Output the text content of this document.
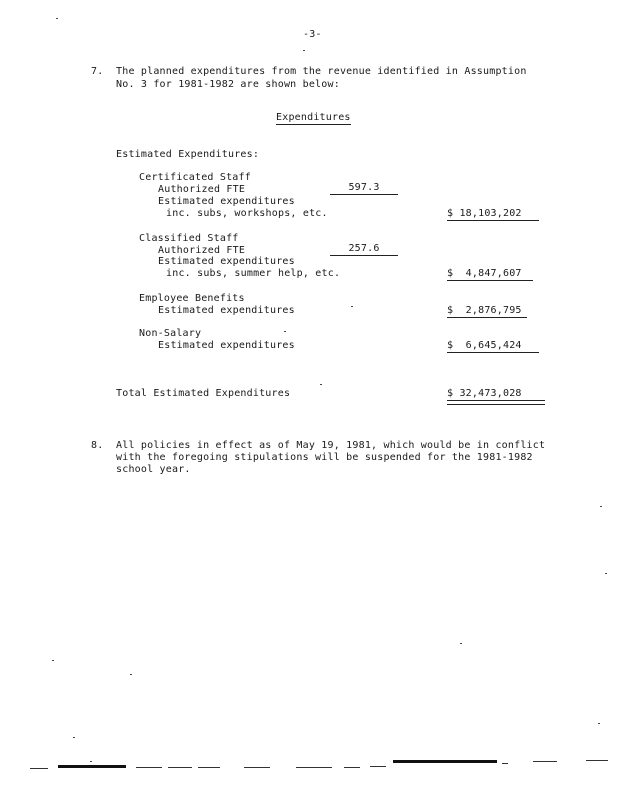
-3-
7. The planned expenditures from the revenue identified in Assumption
No. 3 for 1981-1982 are shown below:
Expenditures
Estimated Expenditures:
Certificated Staff
Authorized FTE	597.3
Estimated expenditures
inc. subs, workshops, etc.	$ 18,103,202
Classified Staff
Authorized FTE	257.6
Estimated expenditures
inc. subs, summer help, etc.	$  4,847,607
Employee Benefits
Estimated expenditures	$  2,876,795
Non-Salary
Estimated expenditures	$  6,645,424
Total Estimated Expenditures	$ 32,473,028
8. All policies in effect as of May 19, 1981, which would be in conflict
with the foregoing stipulations will be suspended for the 1981-1982
school year.
